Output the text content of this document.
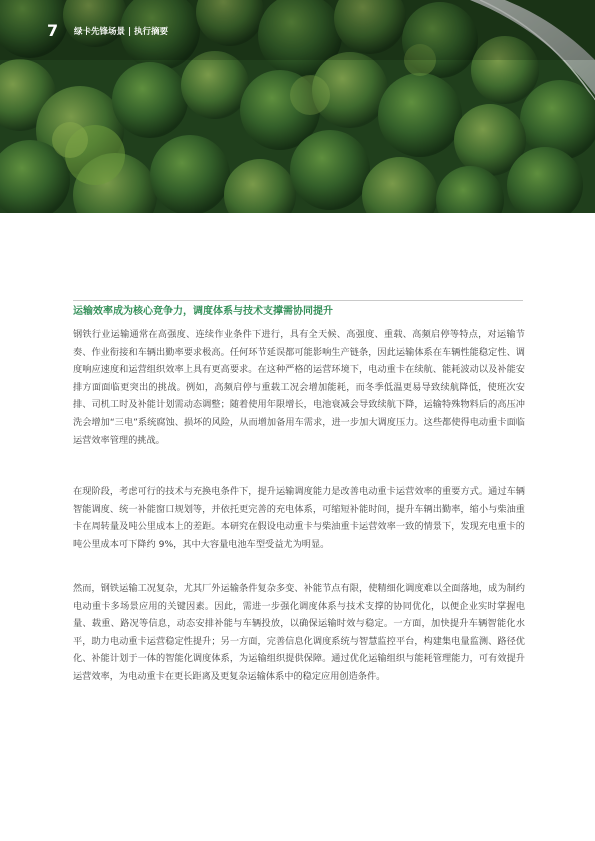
7 绿卡先锋场景 | 执行摘要
运输效率成为核心竞争力，调度体系与技术支撑需协同提升

钢铁行业运输通常在高强度、连续作业条件下进行，具有全天候、高强度、重载、高频启停等特点，对运输节奏、作业衔接和车辆出勤率要求极高。任何环节延误都可能影响生产链条，因此运输体系在车辆性能稳定性、调度响应速度和运营组织效率上具有更高要求。在这种严格的运营环境下，电动重卡在续航、能耗波动以及补能安排方面面临更突出的挑战。例如，高频启停与重载工况会增加能耗，而冬季低温更易导致续航降低，使班次安排、司机工时及补能计划需动态调整；随着使用年限增长，电池衰减会导致续航下降，运输特殊物料后的高压冲洗会增加“三电”系统腐蚀、损坏的风险，从而增加备用车需求，进一步加大调度压力。这些都使得电动重卡面临运营效率管理的挑战。

在现阶段，考虑可行的技术与充换电条件下，提升运输调度能力是改善电动重卡运营效率的重要方式。通过车辆智能调度、统一补能窗口规划等，并依托更完善的充电体系，可缩短补能时间，提升车辆出勤率，缩小与柴油重卡在周转量及吨公里成本上的差距。本研究在假设电动重卡与柴油重卡运营效率一致的情景下，发现充电重卡的吨公里成本可下降约 9%，其中大容量电池车型受益尤为明显。

然而，钢铁运输工况复杂，尤其厂外运输条件复杂多变、补能节点有限，使精细化调度难以全面落地，成为制约电动重卡多场景应用的关键因素。因此，需进一步强化调度体系与技术支撑的协同优化，以便企业实时掌握电量、载重、路况等信息，动态安排补能与车辆投放，以确保运输时效与稳定。一方面，加快提升车辆智能化水平，助力电动重卡运营稳定性提升；另一方面，完善信息化调度系统与智慧监控平台，构建集电量监测、路径优化、补能计划于一体的智能化调度体系，为运输组织提供保障。通过优化运输组织与能耗管理能力，可有效提升运营效率，为电动重卡在更长距离及更复杂运输体系中的稳定应用创造条件。
